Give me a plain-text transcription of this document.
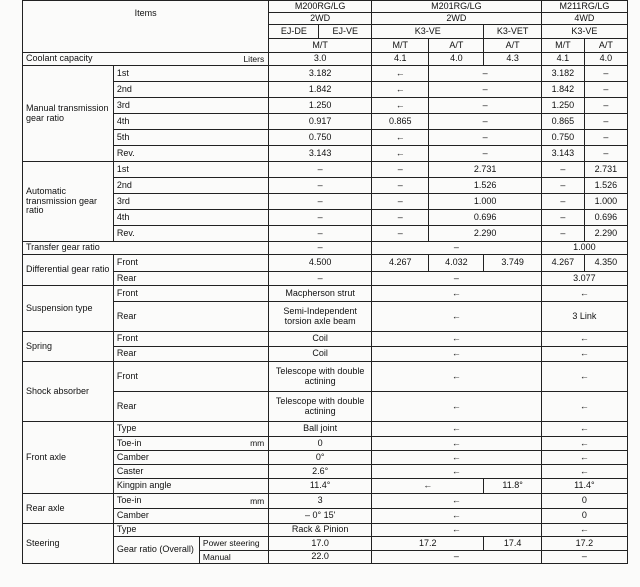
Items			M200RG/LG		M201RG/LG			M211RG/LG	
			2WD		2WD			4WD	
			EJ-DE	EJ-VE	K3-VE		K3-VET	K3-VE	
			M/T		M/T	A/T	A/T	M/T	A/T
Coolant capacity		Liters	3.0		4.1	4.0	4.3	4.1	4.0
Manual transmission gear ratio	1st		3.182		←	–		3.182	–
	2nd		1.842		←	–		1.842	–
	3rd		1.250		←	–		1.250	–
	4th		0.917		0.865	–		0.865	–
	5th		0.750		←	–		0.750	–
	Rev.		3.143		←	–		3.143	–
Automatic transmission gear ratio	1st		–		–	2.731		–	2.731
	2nd		–		–	1.526		–	1.526
	3rd		–		–	1.000		–	1.000
	4th		–		–	0.696		–	0.696
	Rev.		–		–	2.290		–	2.290
Transfer gear ratio			–		–			1.000	
Differential gear ratio	Front		4.500		4.267	4.032	3.749	4.267	4.350
	Rear		–		–			3.077	
Suspension type	Front		Macpherson strut		←			←	
	Rear		Semi-Independent torsion axle beam		←			3 Link	
Spring	Front		Coil		←			←	
	Rear		Coil		←			←	
Shock absorber	Front		Telescope with double actining		←			←	
	Rear		Telescope with double actining		←			←	
Front axle	Type		Ball joint		←			←	
	Toe-in	mm	0		←			←	
	Camber		0°		←			←	
	Caster		2.6°		←			←	
	Kingpin angle		11.4°		←		11.8°	11.4°	
Rear axle	Toe-in	mm	3		←			0	
	Camber		– 0° 15'		←			0	
Steering	Type		Rack & Pinion		←			←	
	Gear ratio (Overall)	Power steering	17.0		17.2		17.4	17.2	
		Manual	22.0		–			–	
